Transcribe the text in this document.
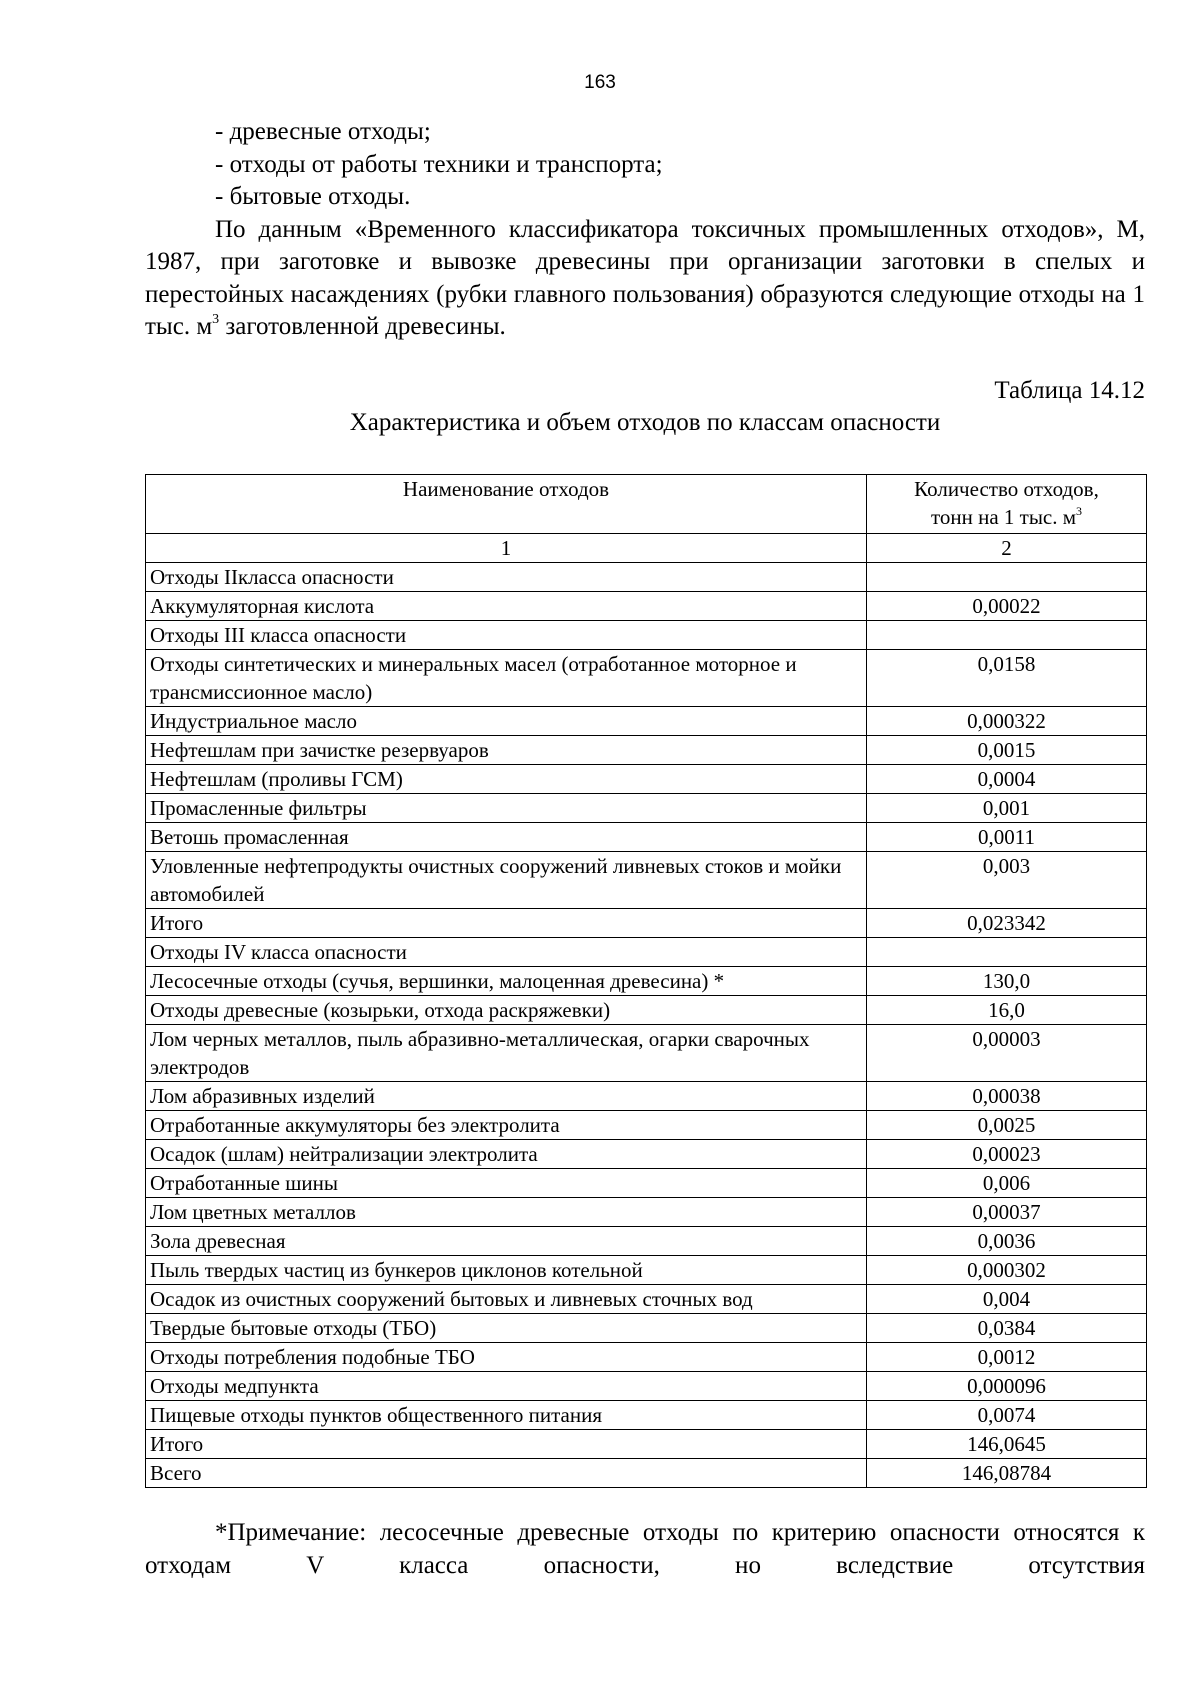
163
- древесные отходы;
- отходы от работы техники и транспорта;
- бытовые отходы.
По данным «Временного классификатора токсичных промышленных отходов», М, 1987, при заготовке и вывозке древесины при организации заготовки в спелых и перестойных насаждениях (рубки главного пользования) образуются следующие отходы на 1 тыс. $м^3$ заготовленной древесины.
Таблица 14.12
Характеристика и объем отходов по классам опасности
Наименование отходов	Количество отходов,
тонн на 1 тыс. $м^3$
1	2
Отходы IIкласса опасности	
Аккумуляторная кислота	0,00022
Отходы III класса опасности	
Отходы синтетических и минеральных масел (отработанное моторное и трансмиссионное масло)	0,0158
Индустриальное масло	0,000322
Нефтешлам при зачистке резервуаров	0,0015
Нефтешлам (проливы ГСМ)	0,0004
Промасленные фильтры	0,001
Ветошь промасленная	0,0011
Уловленные нефтепродукты очистных сооружений ливневых стоков и мойки автомобилей	0,003
Итого	0,023342
Отходы IV класса опасности	
Лесосечные отходы (сучья, вершинки, малоценная древесина) *	130,0
Отходы древесные (козырьки, отхода раскряжевки)	16,0
Лом черных металлов, пыль абразивно-металлическая, огарки сварочных электродов	0,00003
Лом абразивных изделий	0,00038
Отработанные аккумуляторы без электролита	0,0025
Осадок (шлам) нейтрализации электролита	0,00023
Отработанные шины	0,006
Лом цветных металлов	0,00037
Зола древесная	0,0036
Пыль твердых частиц из бункеров циклонов котельной	0,000302
Осадок из очистных сооружений бытовых и ливневых сточных вод	0,004
Твердые бытовые отходы (ТБО)	0,0384
Отходы потребления подобные ТБО	0,0012
Отходы медпункта	0,000096
Пищевые отходы пунктов общественного питания	0,0074
Итого	146,0645
Всего	146,08784
*Примечание: лесосечные древесные отходы по критерию опасности относятся к отходам V класса опасности, но вследствие отсутствия
